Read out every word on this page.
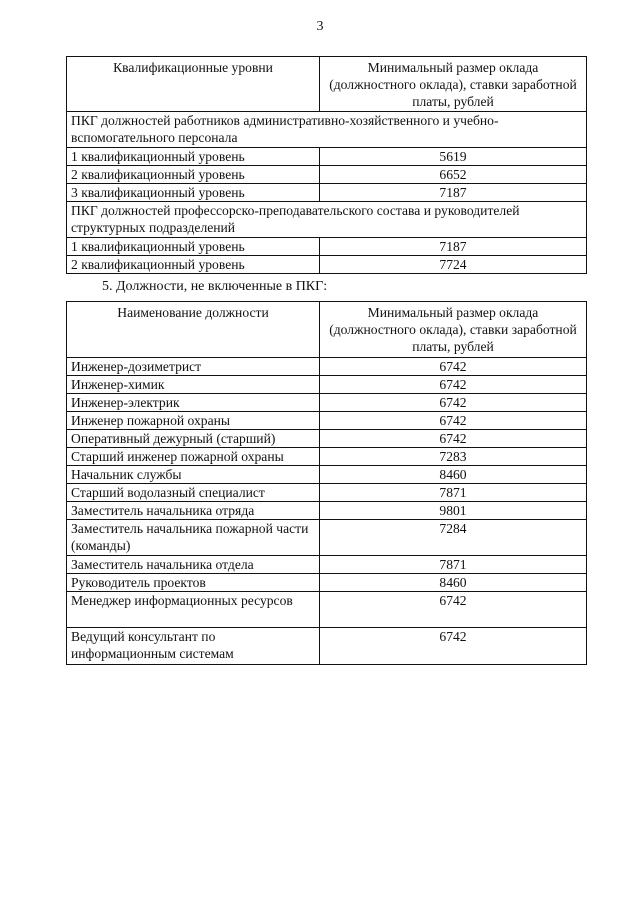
3
Квалификационные уровни	Минимальный размер оклада (должностного оклада), ставки заработной платы, рублей
ПКГ должностей работников административно-хозяйственного и учебно-вспомогательного персонала	
1 квалификационный уровень	5619
2 квалификационный уровень	6652
3 квалификационный уровень	7187
ПКГ должностей профессорско-преподавательского состава и руководителей структурных подразделений	
1 квалификационный уровень	7187
2 квалификационный уровень	7724
5. Должности, не включенные в ПКГ:
Наименование должности	Минимальный размер оклада (должностного оклада), ставки заработной платы, рублей
Инженер-дозиметрист	6742
Инженер-химик	6742
Инженер-электрик	6742
Инженер пожарной охраны	6742
Оперативный дежурный (старший)	6742
Старший инженер пожарной охраны	7283
Начальник службы	8460
Старший водолазный специалист	7871
Заместитель начальника отряда	9801
Заместитель начальника пожарной части (команды)	7284
Заместитель начальника отдела	7871
Руководитель проектов	8460
Менеджер информационных ресурсов	6742
Ведущий консультант по информационным системам	6742
